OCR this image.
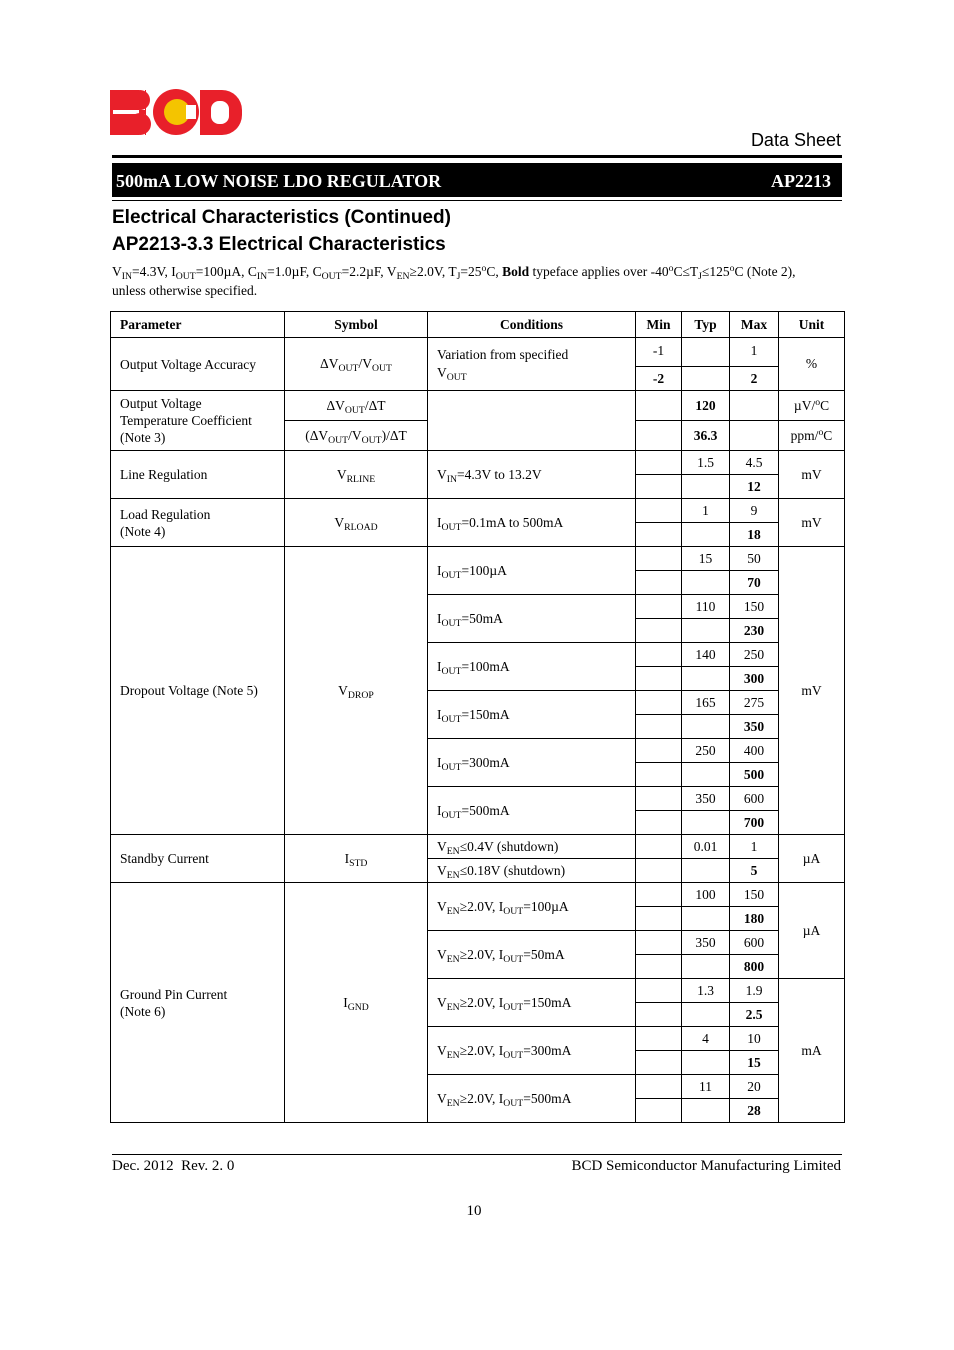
Data Sheet
500mA LOW NOISE LDO REGULATOR	AP2213
Electrical Characteristics (Continued)
AP2213-3.3 Electrical Characteristics
$V_{IN}=4.3V$, $I_{OUT}=100\mu A$, $C_{IN}=1.0\mu F$, $C_{OUT}=2.2\mu F$, $V_{EN}\ge 2.0V$, $T_J=25^oC$, Bold typeface applies over $-40^oC\le T_J\le 125^oC$ (Note 2),
unless otherwise specified.
Parameter	Symbol	Conditions	Min	Typ	Max	Unit
Output Voltage Accuracy	$\Delta V_{OUT}/V_{OUT}$	Variation from specified
$V_{OUT}$	-1		1	%
			-2		2	
Output Voltage
Temperature Coefficient
(Note 3)	$\Delta V_{OUT}/\Delta T$			120		µV/$^o$C
	$(\Delta V_{OUT}/V_{OUT})/\Delta T$			36.3		ppm/$^o$C
Line Regulation	$V_{RLINE}$	$V_{IN}=4.3V$ to 13.2V		1.5	4.5	mV
					12	
Load Regulation
(Note 4)	$V_{RLOAD}$	$I_{OUT}=0.1mA$ to 500mA		1	9	mV
					18	
Dropout Voltage (Note 5)	$V_{DROP}$	$I_{OUT}=100\mu A$		15	50	mV
					70	
		$I_{OUT}=50mA$		110	150	
					230	
		$I_{OUT}=100mA$		140	250	
					300	
		$I_{OUT}=150mA$		165	275	
					350	
		$I_{OUT}=300mA$		250	400	
					500	
		$I_{OUT}=500mA$		350	600	
					700	
Standby Current	$I_{STD}$	$V_{EN}\le 0.4V$ (shutdown)		0.01	1	µA
		$V_{EN}\le 0.18V$ (shutdown)			5	
Ground Pin Current
(Note 6)	$I_{GND}$	$V_{EN}\ge 2.0V$, $I_{OUT}=100\mu A$		100	150	µA
					180	
		$V_{EN}\ge 2.0V$, $I_{OUT}=50mA$		350	600	
					800	
		$V_{EN}\ge 2.0V$, $I_{OUT}=150mA$		1.3	1.9	mA
					2.5	
		$V_{EN}\ge 2.0V$, $I_{OUT}=300mA$		4	10	
					15	
		$V_{EN}\ge 2.0V$, $I_{OUT}=500mA$		11	20	
					28	
Dec. 2012  Rev. 2. 0	BCD Semiconductor Manufacturing Limited
10
